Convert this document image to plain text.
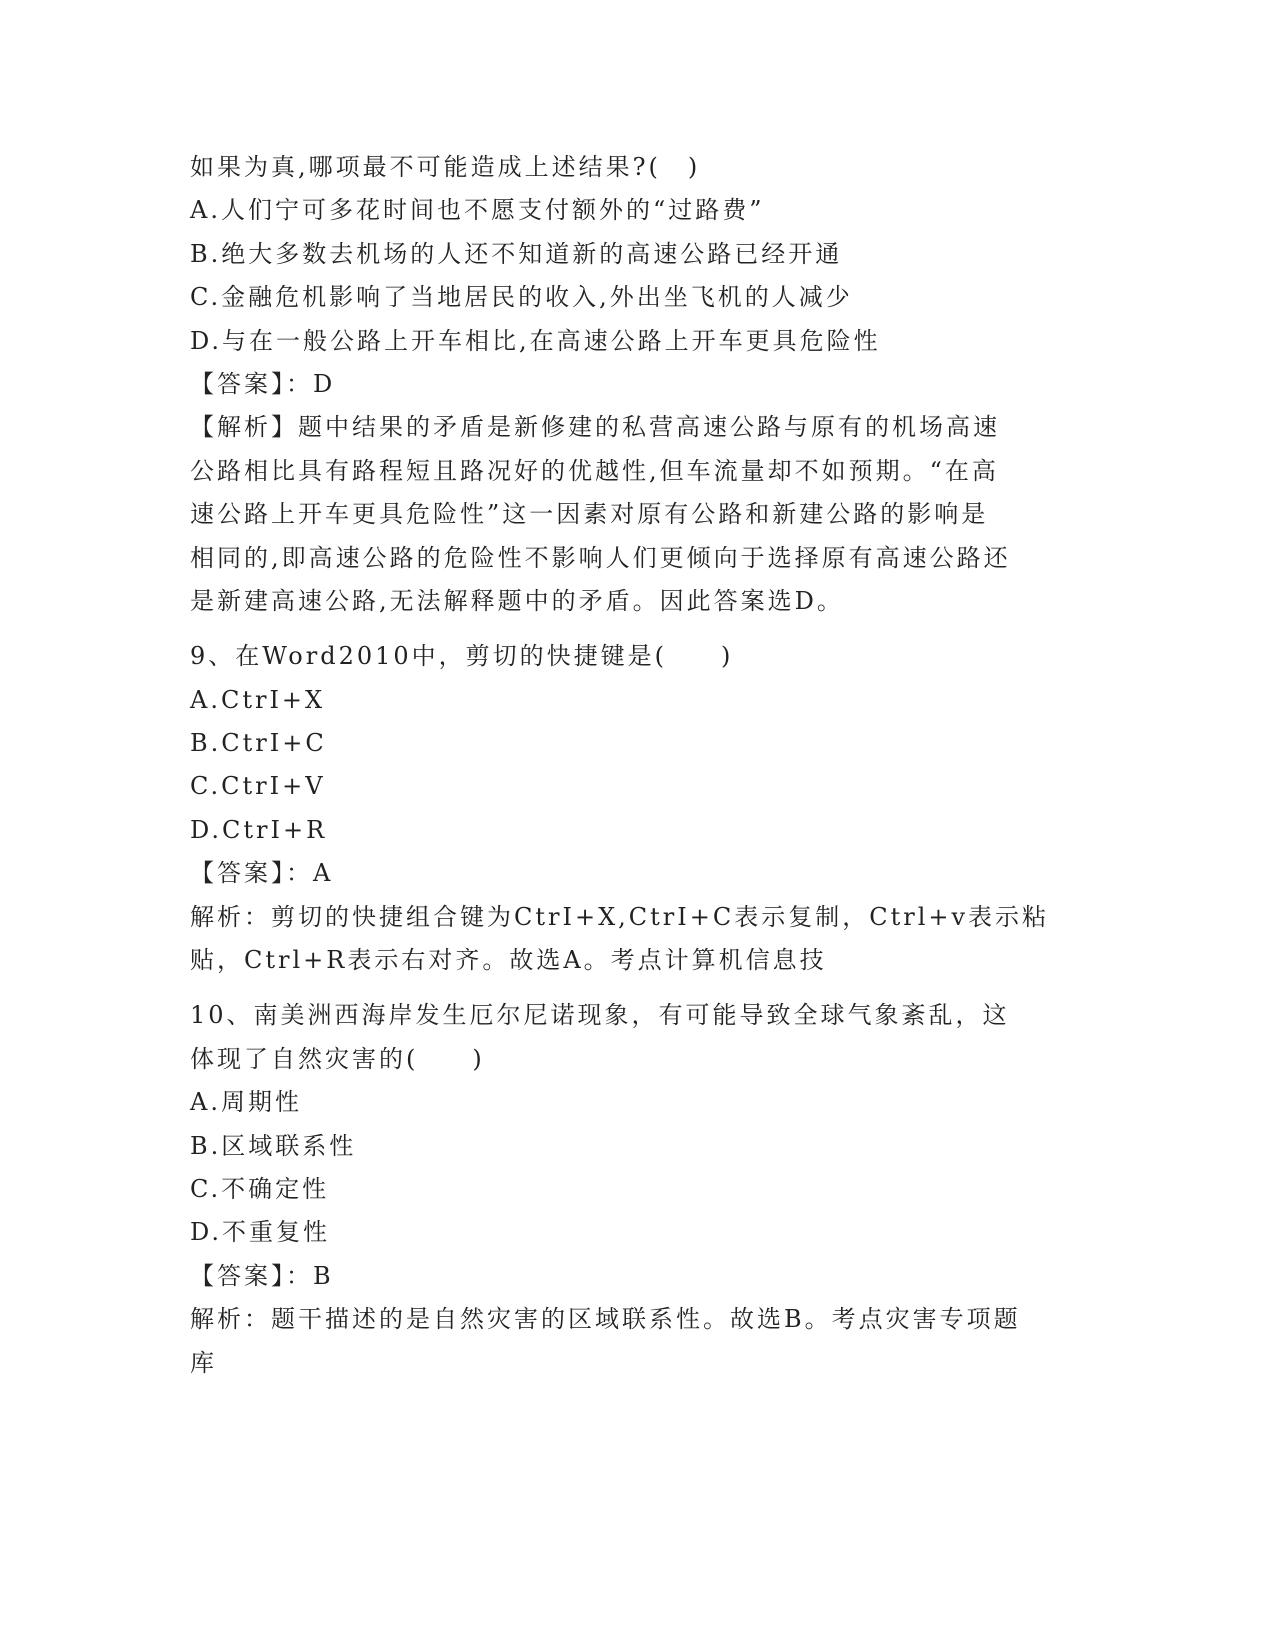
如果为真,哪项最不可能造成上述结果?(　)
A.人们宁可多花时间也不愿支付额外的“过路费”
B.绝大多数去机场的人还不知道新的高速公路已经开通
C.金融危机影响了当地居民的收入,外出坐飞机的人减少
D.与在一般公路上开车相比,在高速公路上开车更具危险性
【答案】：D
【解析】题中结果的矛盾是新修建的私营高速公路与原有的机场高速
公路相比具有路程短且路况好的优越性,但车流量却不如预期。“在高
速公路上开车更具危险性”这一因素对原有公路和新建公路的影响是
相同的,即高速公路的危险性不影响人们更倾向于选择原有高速公路还
是新建高速公路,无法解释题中的矛盾。因此答案选D。
9、在Word2010中，剪切的快捷键是(　　)
A.CtrI+X
B.CtrI+C
C.CtrI+V
D.CtrI+R
【答案】：A
解析：剪切的快捷组合键为CtrI+X,CtrI+C表示复制，Ctrl+v表示粘
贴，Ctrl+R表示右对齐。故选A。考点计算机信息技
10、南美洲西海岸发生厄尔尼诺现象，有可能导致全球气象紊乱，这
体现了自然灾害的(　　)
A.周期性
B.区域联系性
C.不确定性
D.不重复性
【答案】：B
解析：题干描述的是自然灾害的区域联系性。故选B。考点灾害专项题
库
